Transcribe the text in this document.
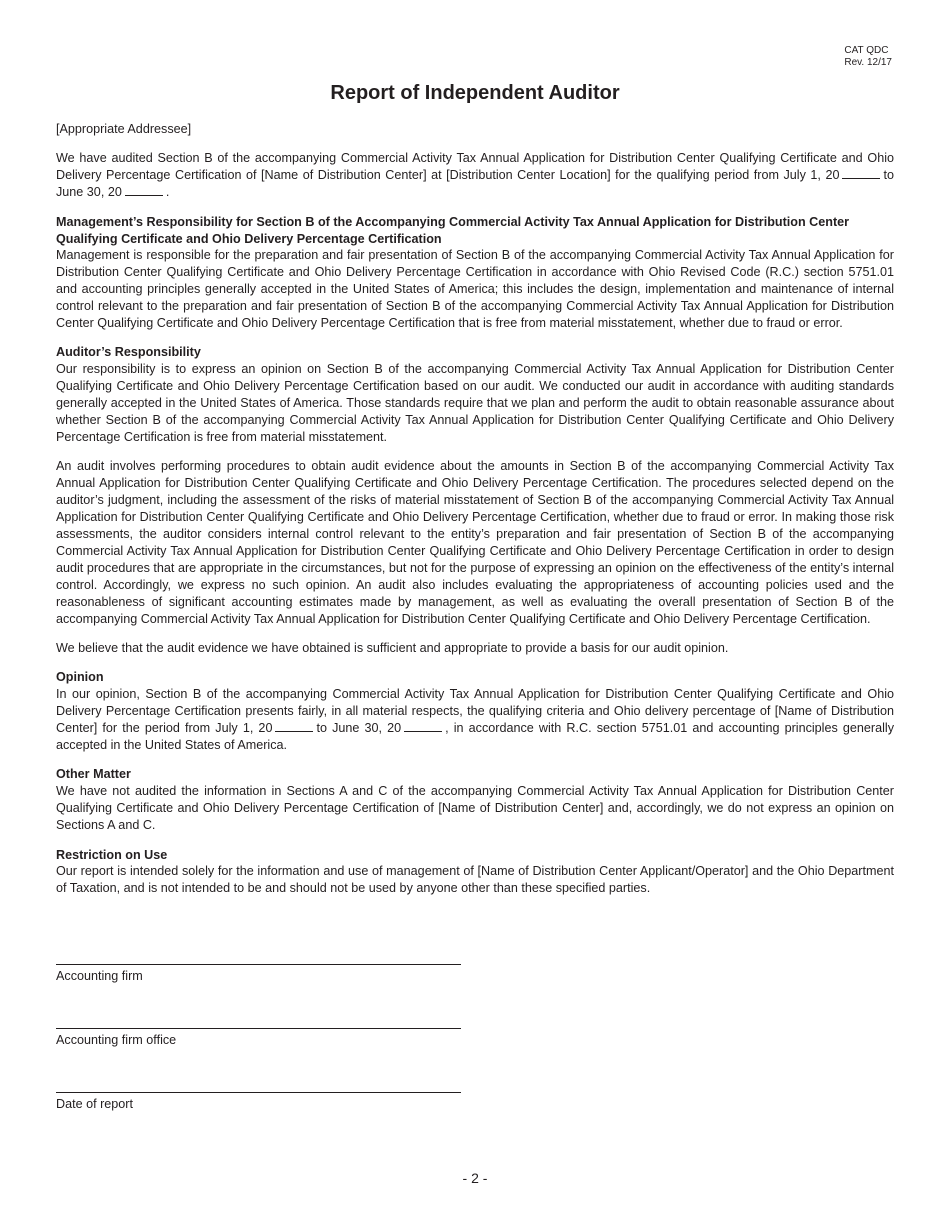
CAT QDC
Rev. 12/17
Report of Independent Auditor

[Appropriate Addressee]

We have audited Section B of the accompanying Commercial Activity Tax Annual Application for Distribution Center Qualifying Certificate and Ohio Delivery Percentage Certification of [Name of Distribution Center] at [Distribution Center Location] for the qualifying period from July 1, 20	to June 30, 20	.

Management’s Responsibility for Section B of the Accompanying Commercial Activity Tax Annual Application for Distribution Center Qualifying Certificate and Ohio Delivery Percentage Certification
Management is responsible for the preparation and fair presentation of Section B of the accompanying Commercial Activity Tax Annual Application for Distribution Center Qualifying Certificate and Ohio Delivery Percentage Certification in accordance with Ohio Revised Code (R.C.) section 5751.01 and accounting principles generally accepted in the United States of America; this includes the design, implementation and maintenance of internal control relevant to the preparation and fair presentation of Section B of the accompanying Commercial Activity Tax Annual Application for Distribution Center Qualifying Certificate and Ohio Delivery Percentage Certification that is free from material misstatement, whether due to fraud or error.

Auditor’s Responsibility
Our responsibility is to express an opinion on Section B of the accompanying Commercial Activity Tax Annual Application for Distribution Center Qualifying Certificate and Ohio Delivery Percentage Certification based on our audit. We conducted our audit in accordance with auditing standards generally accepted in the United States of America. Those standards require that we plan and perform the audit to obtain reasonable assurance about whether Section B of the accompanying Commercial Activity Tax Annual Application for Distribution Center Qualifying Certificate and Ohio Delivery Percentage Certification is free from material misstatement.

An audit involves performing procedures to obtain audit evidence about the amounts in Section B of the accompanying Commercial Activity Tax Annual Application for Distribution Center Qualifying Certificate and Ohio Delivery Percentage Certification. The procedures selected depend on the auditor’s judgment, including the assessment of the risks of material misstatement of Section B of the accompanying Commercial Activity Tax Annual Application for Distribution Center Qualifying Certificate and Ohio Delivery Percentage Certification, whether due to fraud or error. In making those risk assessments, the auditor considers internal control relevant to the entity’s preparation and fair presentation of Section B of the accompanying Commercial Activity Tax Annual Application for Distribution Center Qualifying Certificate and Ohio Delivery Percentage Certification in order to design audit procedures that are appropriate in the circumstances, but not for the purpose of expressing an opinion on the effectiveness of the entity’s internal control. Accordingly, we express no such opinion. An audit also includes evaluating the appropriateness of accounting policies used and the reasonableness of significant accounting estimates made by management, as well as evaluating the overall presentation of Section B of the accompanying Commercial Activity Tax Annual Application for Distribution Center Qualifying Certificate and Ohio Delivery Percentage Certification.

We believe that the audit evidence we have obtained is sufficient and appropriate to provide a basis for our audit opinion.

Opinion
In our opinion, Section B of the accompanying Commercial Activity Tax Annual Application for Distribution Center Qualifying Certificate and Ohio Delivery Percentage Certification presents fairly, in all material respects, the qualifying criteria and Ohio delivery percentage of [Name of Distribution Center] for the period from July 1, 20	to June 30, 20	, in accordance with R.C. section 5751.01 and accounting principles generally accepted in the United States of America.

Other Matter
We have not audited the information in Sections A and C of the accompanying Commercial Activity Tax Annual Application for Distribution Center Qualifying Certificate and Ohio Delivery Percentage Certification of [Name of Distribution Center] and, accordingly, we do not express an opinion on Sections A and C.

Restriction on Use
Our report is intended solely for the information and use of management of [Name of Distribution Center Applicant/Operator] and the Ohio Department of Taxation, and is not intended to be and should not be used by anyone other than these specified parties.

Accounting firm
Accounting firm office
Date of report
- 2 -
